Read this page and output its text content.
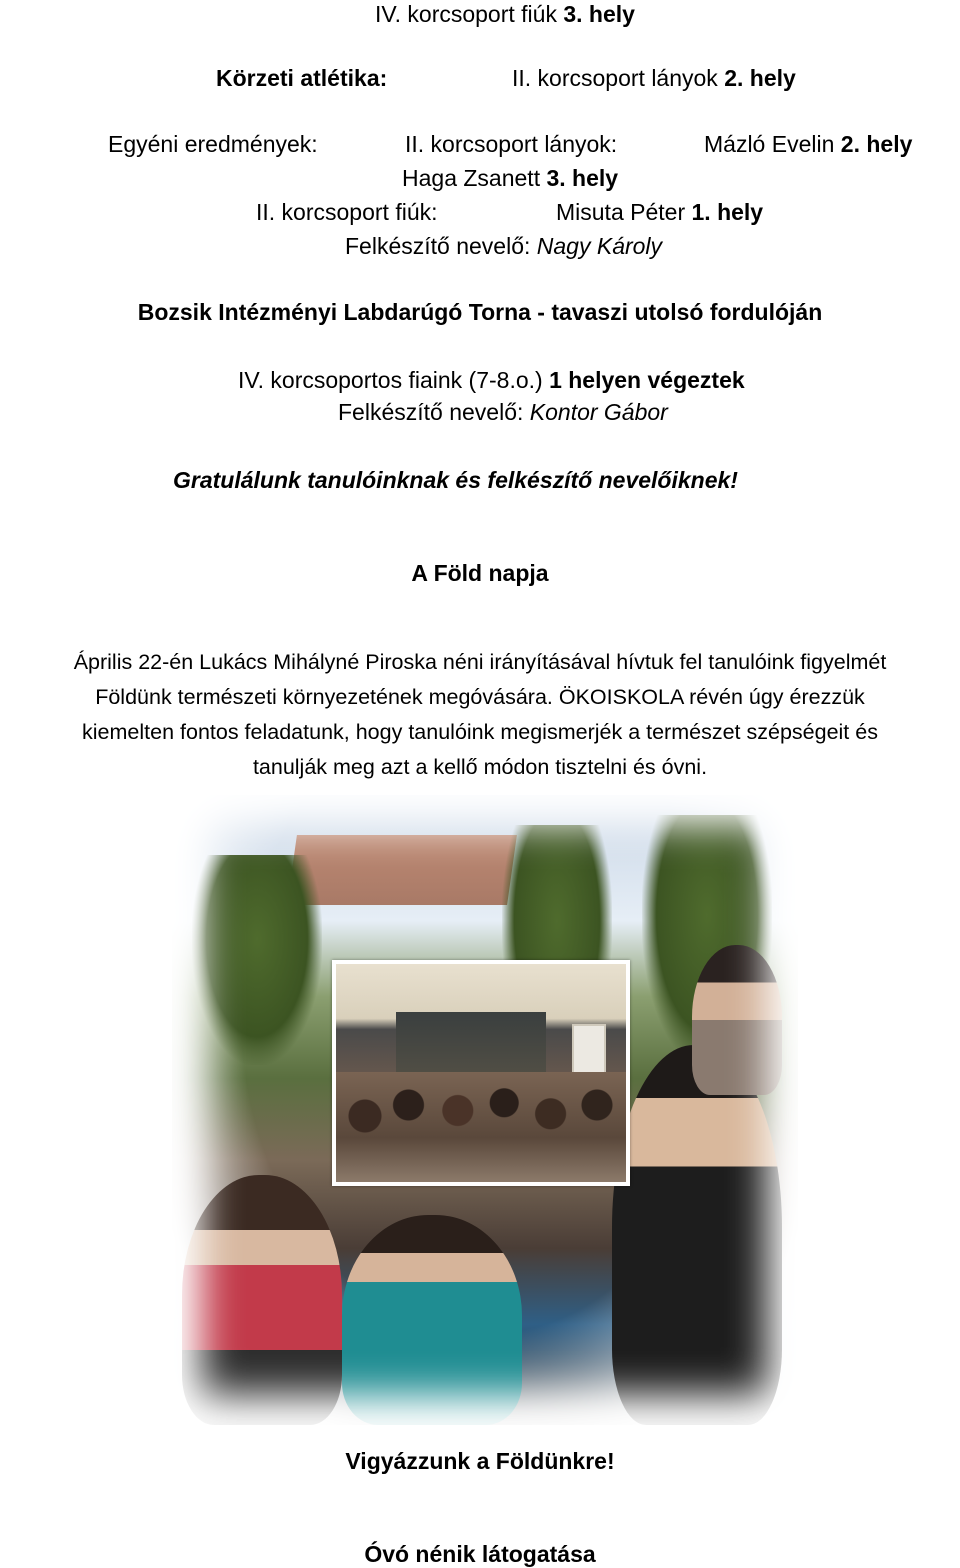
IV. korcsoport fiúk 3. hely
Körzeti atlétika:	II. korcsoport lányok 2. hely
Egyéni eredmények:	II. korcsoport lányok:	Mázló Evelin 2. hely
Haga Zsanett 3. hely
II. korcsoport fiúk:	Misuta Péter 1. hely
Felkészítő nevelő: Nagy Károly
Bozsik Intézményi Labdarúgó Torna - tavaszi utolsó fordulóján
IV. korcsoportos fiaink (7-8.o.) 1 helyen végeztek
Felkészítő nevelő: Kontor Gábor
Gratulálunk tanulóinknak és felkészítő nevelőiknek!
A Föld napja
Április 22-én Lukács Mihályné Piroska néni irányításával hívtuk fel tanulóink figyelmét
Földünk természeti környezetének megóvására. ÖKOISKOLA révén úgy érezzük
kiemelten fontos feladatunk, hogy tanulóink megismerjék a természet szépségeit és
tanulják meg azt a kellő módon tisztelni és óvni.
Vigyázzunk a Földünkre!
Óvó nénik látogatása
